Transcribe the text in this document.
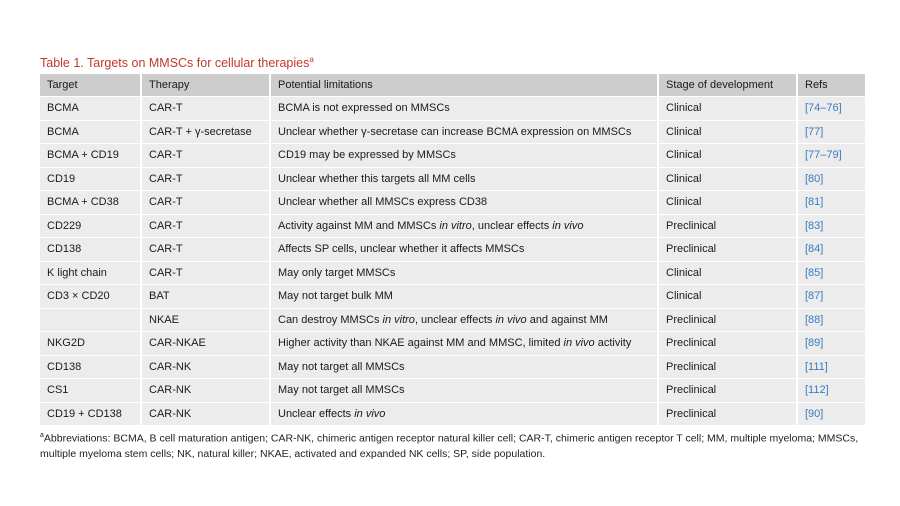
Table 1. Targets on MMSCs for cellular therapies$^a$
Target	Therapy	Potential limitations	Stage of development	Refs
BCMA	CAR-T	BCMA is not expressed on MMSCs	Clinical	[74–76]
BCMA	CAR-T + γ-secretase	Unclear whether γ-secretase can increase BCMA expression on MMSCs	Clinical	[77]
BCMA + CD19	CAR-T	CD19 may be expressed by MMSCs	Clinical	[77–79]
CD19	CAR-T	Unclear whether this targets all MM cells	Clinical	[80]
BCMA + CD38	CAR-T	Unclear whether all MMSCs express CD38	Clinical	[81]
CD229	CAR-T	Activity against MM and MMSCs in vitro, unclear effects in vivo	Preclinical	[83]
CD138	CAR-T	Affects SP cells, unclear whether it affects MMSCs	Preclinical	[84]
K light chain	CAR-T	May only target MMSCs	Clinical	[85]
CD3 × CD20	BAT	May not target bulk MM	Clinical	[87]
	NKAE	Can destroy MMSCs in vitro, unclear effects in vivo and against MM	Preclinical	[88]
NKG2D	CAR-NKAE	Higher activity than NKAE against MM and MMSC, limited in vivo activity	Preclinical	[89]
CD138	CAR-NK	May not target all MMSCs	Preclinical	[111]
CS1	CAR-NK	May not target all MMSCs	Preclinical	[112]
CD19 + CD138	CAR-NK	Unclear effects in vivo	Preclinical	[90]
$^a$Abbreviations: BCMA, B cell maturation antigen; CAR-NK, chimeric antigen receptor natural killer cell; CAR-T, chimeric antigen receptor T cell; MM, multiple myeloma; MMSCs, multiple myeloma stem cells; NK, natural killer; NKAE, activated and expanded NK cells; SP, side population.
